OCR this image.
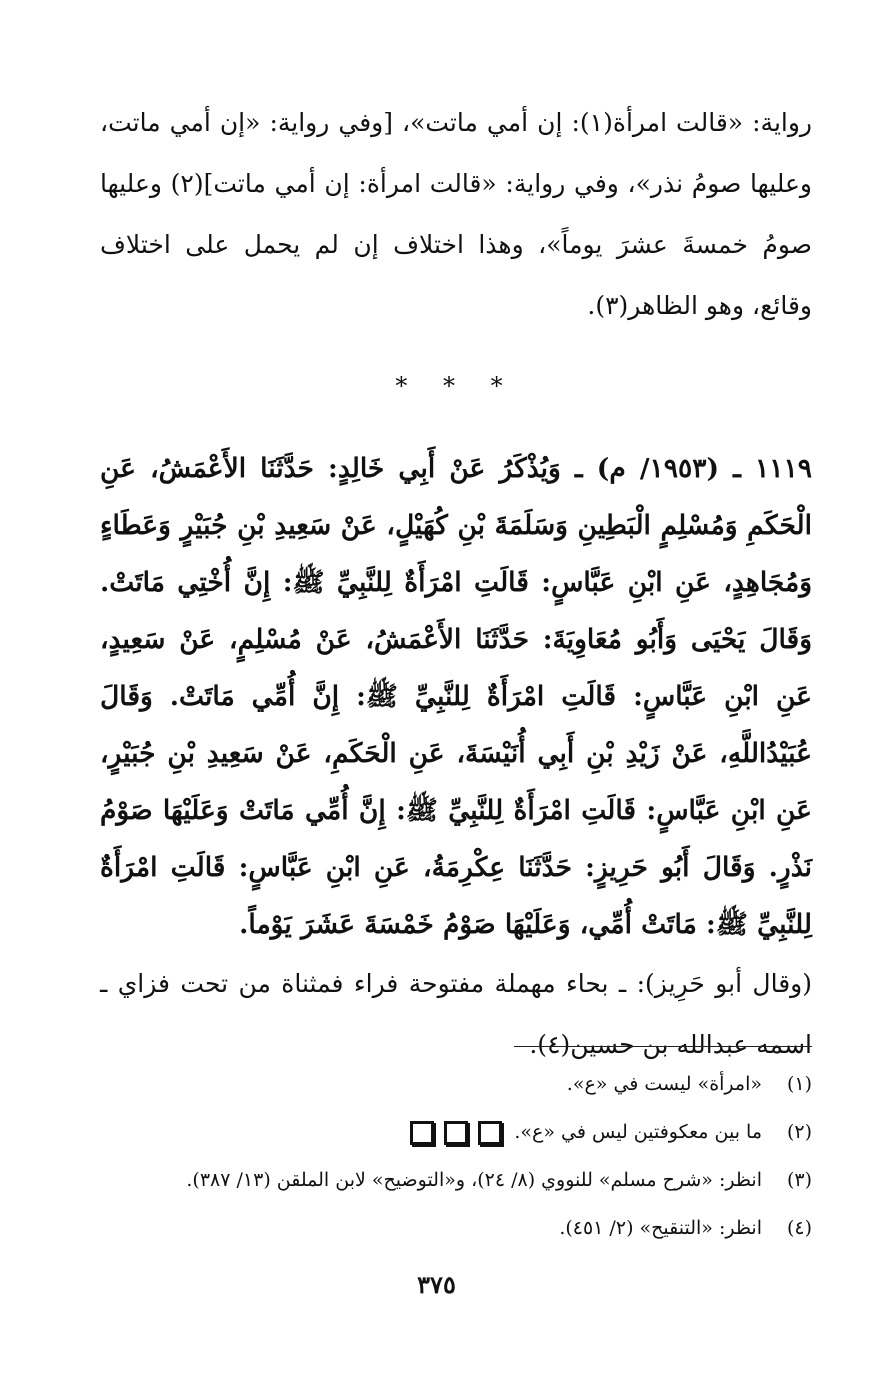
رواية: «قالت امرأة(١): إن أمي ماتت»، [وفي رواية: «إن أمي ماتت، وعليها صومُ نذر»، وفي رواية: «قالت امرأة: إن أمي ماتت](٢) وعليها صومُ خمسةَ عشرَ يوماً»، وهذا اختلاف إن لم يحمل على اختلاف وقائع، وهو الظاهر(٣).

* * *

١١١٩ ـ (١٩٥٣/ م) ـ وَيُذْكَرُ عَنْ أَبِي خَالِدٍ: حَدَّثَنَا الأَعْمَشُ، عَنِ الْحَكَمِ وَمُسْلِمٍ الْبَطِينِ وَسَلَمَةَ بْنِ كُهَيْلٍ، عَنْ سَعِيدِ بْنِ جُبَيْرٍ وَعَطَاءٍ وَمُجَاهِدٍ، عَنِ ابْنِ عَبَّاسٍ: قَالَتِ امْرَأَةٌ لِلنَّبِيِّ ﷺ: إِنَّ أُخْتِي مَاتَتْ. وَقَالَ يَحْيَى وَأَبُو مُعَاوِيَةَ: حَدَّثَنَا الأَعْمَشُ، عَنْ مُسْلِمٍ، عَنْ سَعِيدٍ، عَنِ ابْنِ عَبَّاسٍ: قَالَتِ امْرَأَةٌ لِلنَّبِيِّ ﷺ: إِنَّ أُمِّي مَاتَتْ. وَقَالَ عُبَيْدُاللَّهِ، عَنْ زَيْدِ بْنِ أَبِي أُنَيْسَةَ، عَنِ الْحَكَمِ، عَنْ سَعِيدِ بْنِ جُبَيْرٍ، عَنِ ابْنِ عَبَّاسٍ: قَالَتِ امْرَأَةٌ لِلنَّبِيِّ ﷺ: إِنَّ أُمِّي مَاتَتْ وَعَلَيْهَا صَوْمُ نَذْرٍ. وَقَالَ أَبُو حَرِيزٍ: حَدَّثَنَا عِكْرِمَةُ، عَنِ ابْنِ عَبَّاسٍ: قَالَتِ امْرَأَةٌ لِلنَّبِيِّ ﷺ: مَاتَتْ أُمِّي، وَعَلَيْهَا صَوْمُ خَمْسَةَ عَشَرَ يَوْماً.

(وقال أبو حَرِيز): ـ بحاء مهملة مفتوحة فراء فمثناة من تحت فزاي ـ اسمه عبدالله بن حسين(٤).

(١)
«امرأة» ليست في «ع».
(٢)
ما بين معكوفتين ليس في «ع».
(٣)
انظر: «شرح مسلم» للنووي (٨/ ٢٤)، و«التوضيح» لابن الملقن (١٣/ ٣٨٧).
(٤)
انظر: «التنقيح» (٢/ ٤٥١).
٣٧٥
